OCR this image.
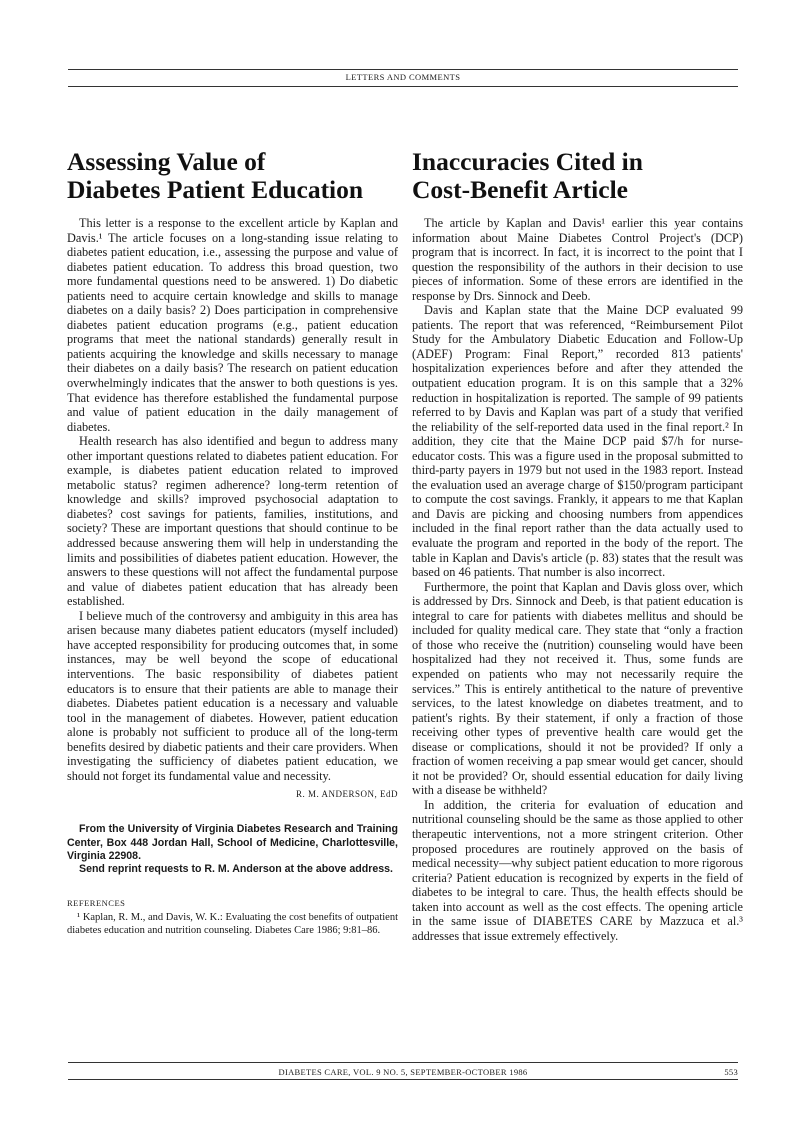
LETTERS AND COMMENTS
Assessing Value of
Diabetes Patient Education

This letter is a response to the excellent article by Kaplan and Davis.¹ The article focuses on a long-standing issue relating to diabetes patient education, i.e., assessing the purpose and value of diabetes patient education. To address this broad question, two more fundamental questions need to be answered. 1) Do diabetic patients need to acquire certain knowledge and skills to manage diabetes on a daily basis? 2) Does participation in comprehensive diabetes patient education programs (e.g., patient education programs that meet the national standards) generally result in patients acquiring the knowledge and skills necessary to manage their diabetes on a daily basis? The research on patient education overwhelmingly indicates that the answer to both questions is yes. That evidence has therefore established the fundamental purpose and value of patient education in the daily management of diabetes.

Health research has also identified and begun to address many other important questions related to diabetes patient education. For example, is diabetes patient education related to improved metabolic status? regimen adherence? long-term retention of knowledge and skills? improved psychosocial adaptation to diabetes? cost savings for patients, families, institutions, and society? These are important questions that should continue to be addressed because answering them will help in understanding the limits and possibilities of diabetes patient education. However, the answers to these questions will not affect the fundamental purpose and value of diabetes patient education that has already been established.

I believe much of the controversy and ambiguity in this area has arisen because many diabetes patient educators (myself included) have accepted responsibility for producing outcomes that, in some instances, may be well beyond the scope of educational interventions. The basic responsibility of diabetes patient educators is to ensure that their patients are able to manage their diabetes. Diabetes patient education is a necessary and valuable tool in the management of diabetes. However, patient education alone is probably not sufficient to produce all of the long-term benefits desired by diabetic patients and their care providers. When investigating the sufficiency of diabetes patient education, we should not forget its fundamental value and necessity.

R. M. ANDERSON, EdD

From the University of Virginia Diabetes Research and Training Center, Box 448 Jordan Hall, School of Medicine, Charlottesville, Virginia 22908.

Send reprint requests to R. M. Anderson at the above address.

REFERENCES

¹ Kaplan, R. M., and Davis, W. K.: Evaluating the cost benefits of outpatient diabetes education and nutrition counseling. Diabetes Care 1986; 9:81–86.

Inaccuracies Cited in
Cost-Benefit Article

The article by Kaplan and Davis¹ earlier this year contains information about Maine Diabetes Control Project's (DCP) program that is incorrect. In fact, it is incorrect to the point that I question the responsibility of the authors in their decision to use pieces of information. Some of these errors are identified in the response by Drs. Sinnock and Deeb.

Davis and Kaplan state that the Maine DCP evaluated 99 patients. The report that was referenced, “Reimbursement Pilot Study for the Ambulatory Diabetic Education and Follow-Up (ADEF) Program: Final Report,” recorded 813 patients' hospitalization experiences before and after they attended the outpatient education program. It is on this sample that a 32% reduction in hospitalization is reported. The sample of 99 patients referred to by Davis and Kaplan was part of a study that verified the reliability of the self-reported data used in the final report.² In addition, they cite that the Maine DCP paid $7/h for nurse-educator costs. This was a figure used in the proposal submitted to third-party payers in 1979 but not used in the 1983 report. Instead the evaluation used an average charge of $150/program participant to compute the cost savings. Frankly, it appears to me that Kaplan and Davis are picking and choosing numbers from appendices included in the final report rather than the data actually used to evaluate the program and reported in the body of the report. The table in Kaplan and Davis's article (p. 83) states that the result was based on 46 patients. That number is also incorrect.

Furthermore, the point that Kaplan and Davis gloss over, which is addressed by Drs. Sinnock and Deeb, is that patient education is integral to care for patients with diabetes mellitus and should be included for quality medical care. They state that “only a fraction of those who receive the (nutrition) counseling would have been hospitalized had they not received it. Thus, some funds are expended on patients who may not necessarily require the services.” This is entirely antithetical to the nature of preventive services, to the latest knowledge on diabetes treatment, and to patient's rights. By their statement, if only a fraction of those receiving other types of preventive health care would get the disease or complications, should it not be provided? If only a fraction of women receiving a pap smear would get cancer, should it not be provided? Or, should essential education for daily living with a disease be withheld?

In addition, the criteria for evaluation of education and nutritional counseling should be the same as those applied to other therapeutic interventions, not a more stringent criterion. Other proposed procedures are routinely approved on the basis of medical necessity—why subject patient education to more rigorous criteria? Patient education is recognized by experts in the field of diabetes to be integral to care. Thus, the health effects should be taken into account as well as the cost effects. The opening article in the same issue of DIABETES CARE by Mazzuca et al.³ addresses that issue extremely effectively.

DIABETES CARE, VOL. 9 NO. 5, SEPTEMBER-OCTOBER 1986	553
